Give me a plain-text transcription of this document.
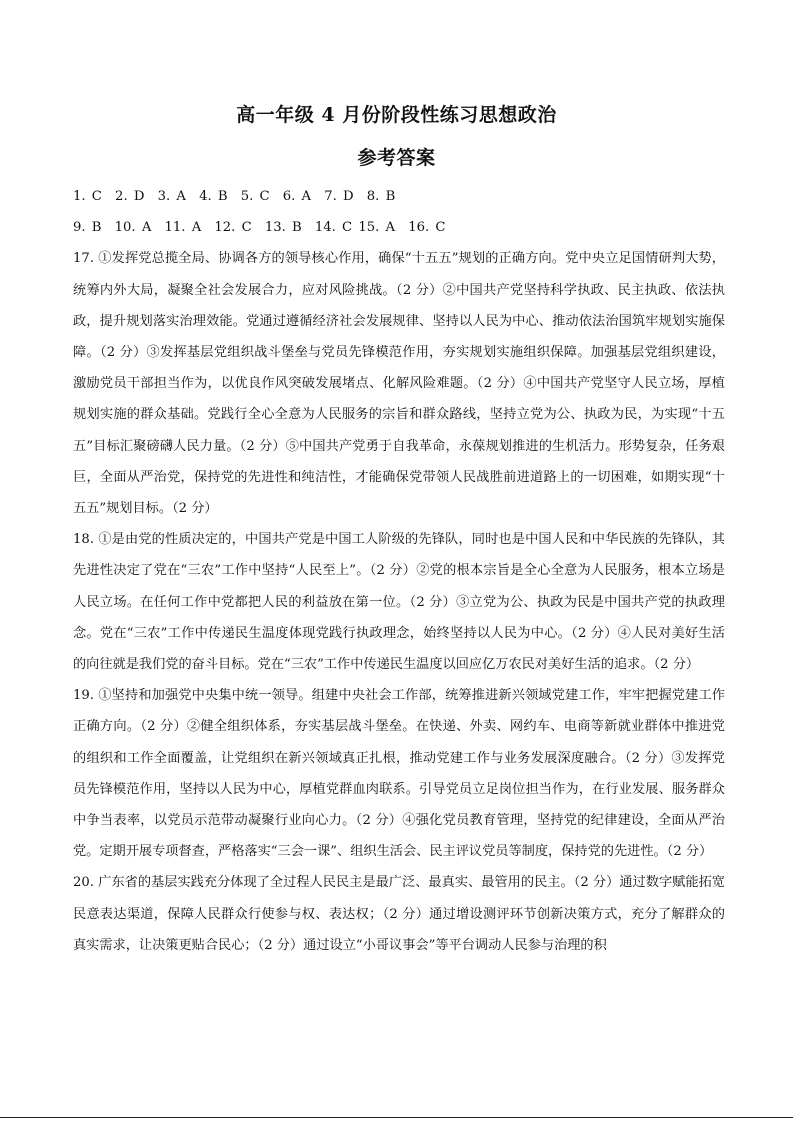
高一年级 4 月份阶段性练习思想政治
参考答案
1. C　2. D　3. A　4. B　5. C　6. A　7. D　8. B
9. B　10. A　11. A　12. C　13. B　14. C 15. A　16. C

17. ①发挥党总揽全局、协调各方的领导核心作用，确保“十五五”规划的正确方向。党中央立足国情研判大势，统筹内外大局，凝聚全社会发展合力，应对风险挑战。（2 分）②中国共产党坚持科学执政、民主执政、依法执政，提升规划落实治理效能。党通过遵循经济社会发展规律、坚持以人民为中心、推动依法治国筑牢规划实施保障。（2 分）③发挥基层党组织战斗堡垒与党员先锋模范作用，夯实规划实施组织保障。加强基层党组织建设，激励党员干部担当作为，以优良作风突破发展堵点、化解风险难题。（2 分）④中国共产党坚守人民立场，厚植规划实施的群众基础。党践行全心全意为人民服务的宗旨和群众路线，坚持立党为公、执政为民，为实现“十五五”目标汇聚磅礴人民力量。（2 分）⑤中国共产党勇于自我革命，永葆规划推进的生机活力。形势复杂，任务艰巨，全面从严治党，保持党的先进性和纯洁性，才能确保党带领人民战胜前进道路上的一切困难，如期实现“十五五”规划目标。（2 分）

18. ①是由党的性质决定的，中国共产党是中国工人阶级的先锋队，同时也是中国人民和中华民族的先锋队，其先进性决定了党在“三农”工作中坚持“人民至上”。（2 分）②党的根本宗旨是全心全意为人民服务，根本立场是人民立场。在任何工作中党都把人民的利益放在第一位。（2 分）③立党为公、执政为民是中国共产党的执政理念。党在“三农”工作中传递民生温度体现党践行执政理念，始终坚持以人民为中心。（2 分）④人民对美好生活的向往就是我们党的奋斗目标。党在“三农”工作中传递民生温度以回应亿万农民对美好生活的追求。（2 分）

19. ①坚持和加强党中央集中统一领导。组建中央社会工作部，统筹推进新兴领域党建工作，牢牢把握党建工作正确方向。（2 分）②健全组织体系，夯实基层战斗堡垒。在快递、外卖、网约车、电商等新就业群体中推进党的组织和工作全面覆盖，让党组织在新兴领域真正扎根，推动党建工作与业务发展深度融合。（2 分）③发挥党员先锋模范作用，坚持以人民为中心，厚植党群血肉联系。引导党员立足岗位担当作为，在行业发展、服务群众中争当表率，以党员示范带动凝聚行业向心力。（2 分）④强化党员教育管理，坚持党的纪律建设，全面从严治党。定期开展专项督查，严格落实“三会一课”、组织生活会、民主评议党员等制度，保持党的先进性。（2 分）

20. 广东省的基层实践充分体现了全过程人民民主是最广泛、最真实、最管用的民主。（2 分）通过数字赋能拓宽民意表达渠道，保障人民群众行使参与权、表达权；（2 分）通过增设测评环节创新决策方式，充分了解群众的真实需求，让决策更贴合民心；（2 分）通过设立“小哥议事会”等平台调动人民参与治理的积
